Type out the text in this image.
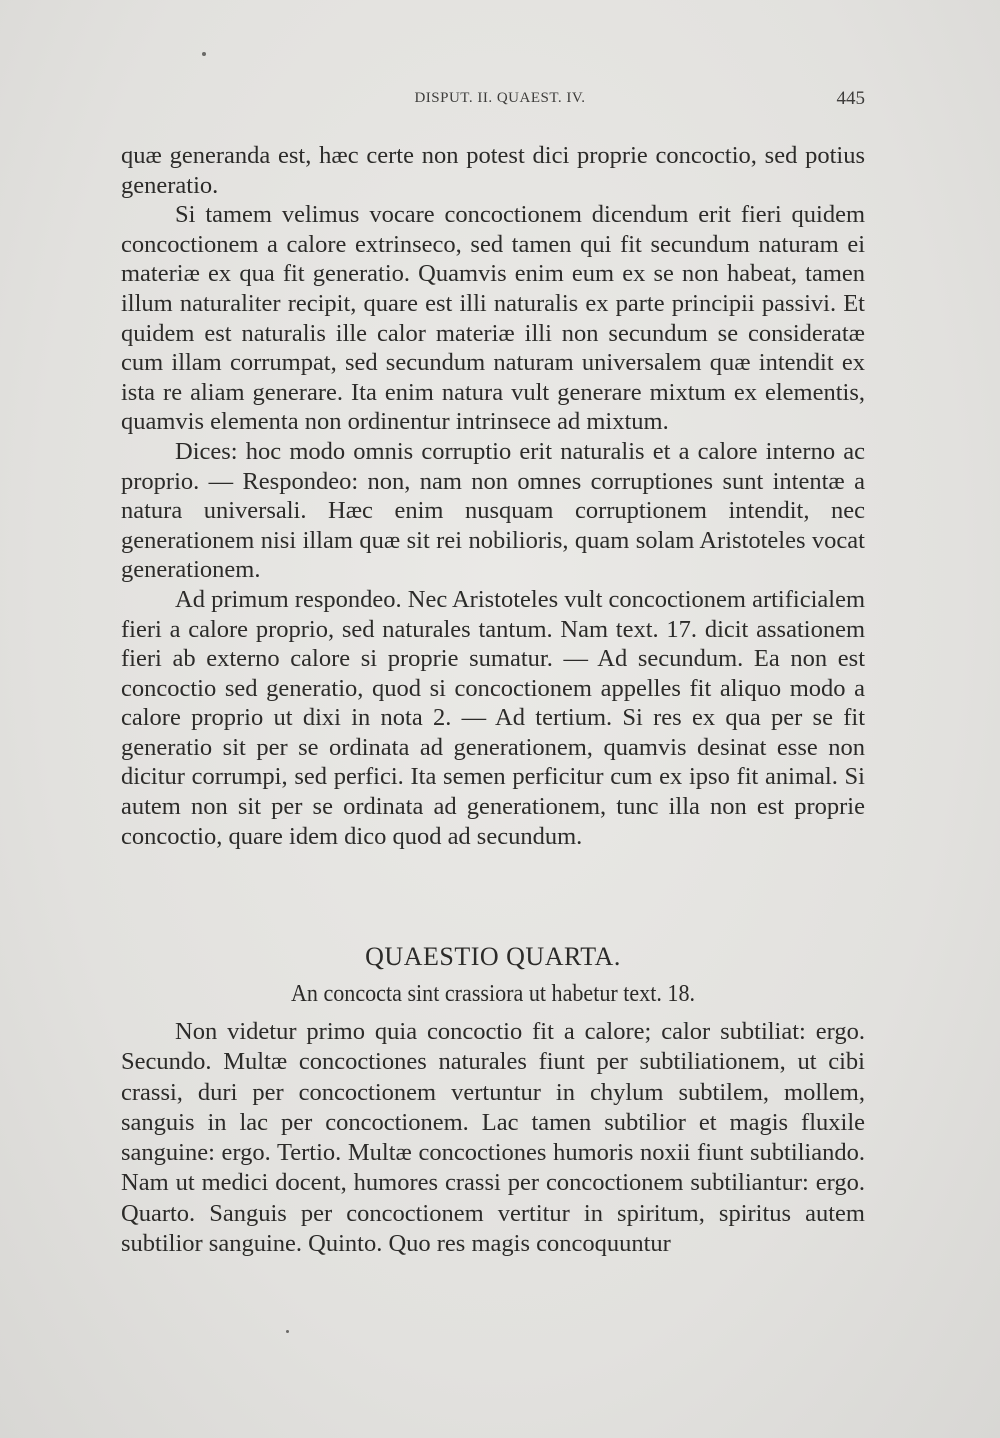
DISPUT. II. QUAEST. IV.	445

quæ generanda est, hæc certe non potest dici proprie concoctio, sed potius generatio.

Si tamem velimus vocare concoctionem dicendum erit fieri quidem concoctionem a calore extrinseco, sed tamen qui fit secundum naturam ei materiæ ex qua fit generatio. Quamvis enim eum ex se non habeat, tamen illum naturaliter recipit, quare est illi naturalis ex parte principii passivi. Et quidem est naturalis ille calor materiæ illi non secundum se consideratæ cum illam corrumpat, sed secundum naturam universalem quæ intendit ex ista re aliam generare. Ita enim natura vult generare mixtum ex elementis, quamvis elementa non ordinentur intrinsece ad mixtum.

Dices: hoc modo omnis corruptio erit naturalis et a calore interno ac proprio. — Respondeo: non, nam non omnes corruptiones sunt intentæ a natura universali. Hæc enim nusquam corruptionem intendit, nec generationem nisi illam quæ sit rei nobilioris, quam solam Aristoteles vocat generationem.

Ad primum respondeo. Nec Aristoteles vult concoctionem artificialem fieri a calore proprio, sed naturales tantum. Nam text. 17. dicit assationem fieri ab externo calore si proprie sumatur. — Ad secundum. Ea non est concoctio sed generatio, quod si concoctionem appelles fit aliquo modo a calore proprio ut dixi in nota 2. — Ad tertium. Si res ex qua per se fit generatio sit per se ordinata ad generationem, quamvis desinat esse non dicitur corrumpi, sed perfici. Ita semen perficitur cum ex ipso fit animal. Si autem non sit per se ordinata ad generationem, tunc illa non est proprie concoctio, quare idem dico quod ad secundum.

QUAESTIO QUARTA.
An concocta sint crassiora ut habetur text. 18.

Non videtur primo quia concoctio fit a calore; calor subtiliat: ergo. Secundo. Multæ concoctiones naturales fiunt per subtiliationem, ut cibi crassi, duri per concoctionem vertuntur in chylum subtilem, mollem, sanguis in lac per concoctionem. Lac tamen subtilior et magis fluxile sanguine: ergo. Tertio. Multæ concoctiones humoris noxii fiunt subtiliando. Nam ut medici docent, humores crassi per concoctionem subtiliantur: ergo. Quarto. Sanguis per concoctionem vertitur in spiritum, spiritus autem subtilior sanguine. Quinto. Quo res magis concoquuntur
